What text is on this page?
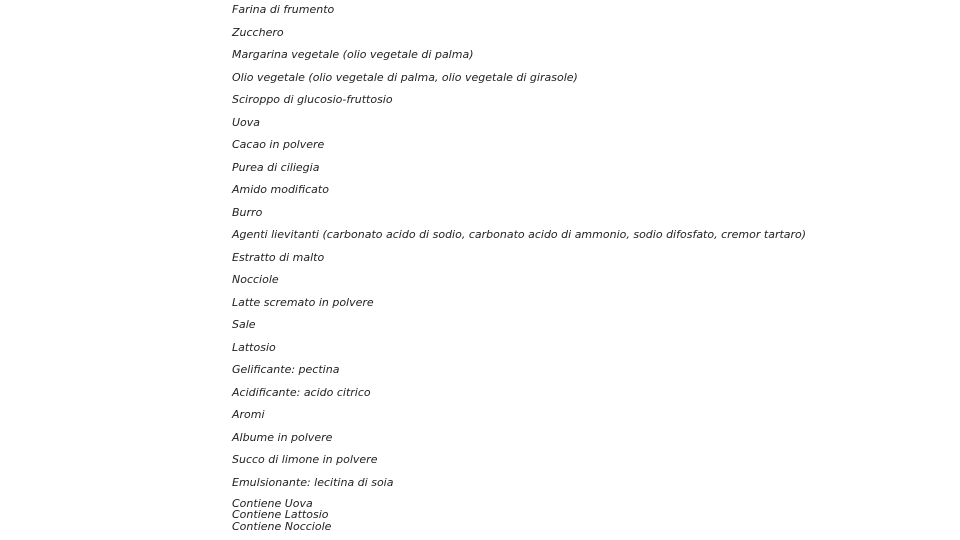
Farina di frumento
Zucchero
Margarina vegetale (olio vegetale di palma)
Olio vegetale (olio vegetale di palma, olio vegetale di girasole)
Sciroppo di glucosio-fruttosio
Uova
Cacao in polvere
Purea di ciliegia
Amido modificato
Burro
Agenti lievitanti (carbonato acido di sodio, carbonato acido di ammonio, sodio difosfato, cremor tartaro)
Estratto di malto
Nocciole
Latte scremato in polvere
Sale
Lattosio
Gelificante: pectina
Acidificante: acido citrico
Aromi
Albume in polvere
Succo di limone in polvere
Emulsionante: lecitina di soia
Contiene Uova
Contiene Lattosio
Contiene Nocciole
